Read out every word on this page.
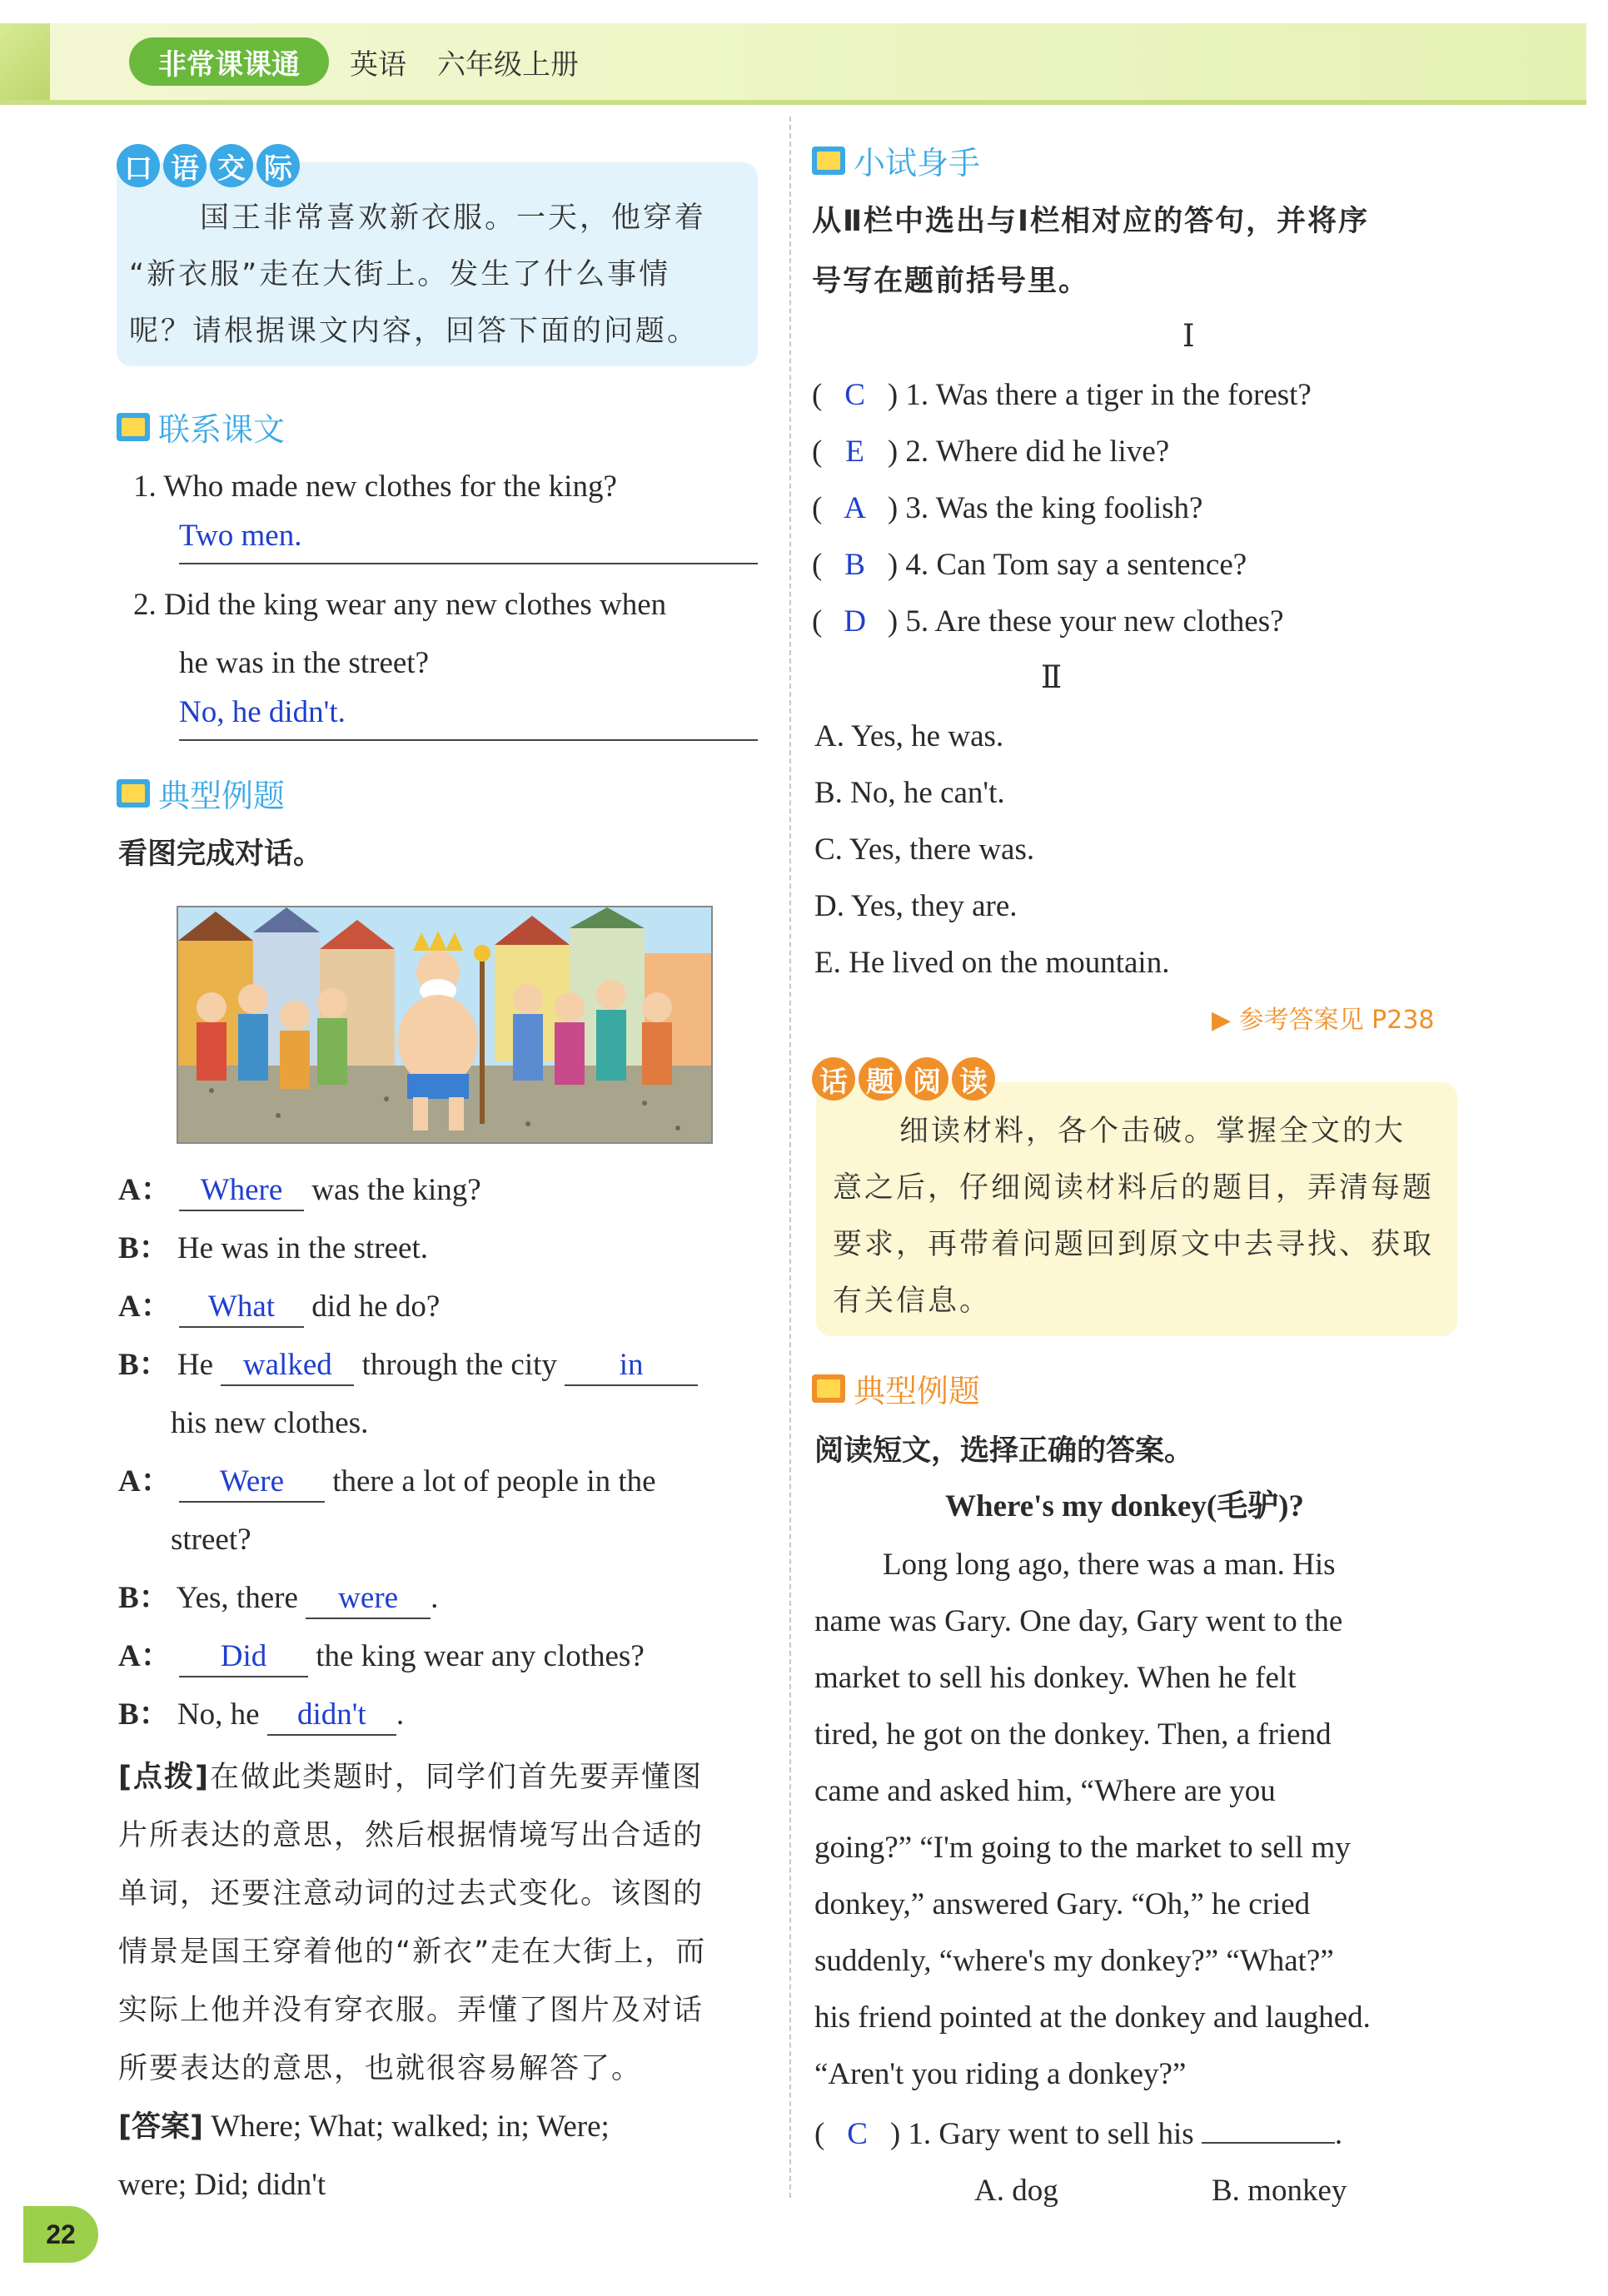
非常课课通	英语 六年级上册
口 语 交 际
国王非常喜欢新衣服。一天，他穿着
“新衣服”走在大街上。发生了什么事情
呢？请根据课文内容，回答下面的问题。
联系课文
1. Who made new clothes for the king?
Two men.
2. Did the king wear any new clothes when
he was in the street?
No, he didn't.
典型例题
看图完成对话。
A： Where was the king?
B： He was in the street.
A： What did he do?
B： He walked through the city in
his new clothes.
A： Were there a lot of people in the
street?
B： Yes, there were .
A： Did the king wear any clothes?
B： No, he didn't .
[点拨]在做此类题时，同学们首先要弄懂图
片所表达的意思，然后根据情境写出合适的
单词，还要注意动词的过去式变化。该图的
情景是国王穿着他的“新衣”走在大街上，而
实际上他并没有穿衣服。弄懂了图片及对话
所要表达的意思，也就很容易解答了。
[答案] Where; What; walked; in; Were;
were; Did; didn't
小试身手
从Ⅱ栏中选出与Ⅰ栏相对应的答句，并将序
号写在题前括号里。
Ⅰ
( C ) 1. Was there a tiger in the forest?
( E ) 2. Where did he live?
( A ) 3. Was the king foolish?
( B ) 4. Can Tom say a sentence?
( D ) 5. Are these your new clothes?
Ⅱ
A. Yes, he was.
B. No, he can't.
C. Yes, there was.
D. Yes, they are.
E. He lived on the mountain.
▶ 参考答案见 P238
话 题 阅 读
细读材料，各个击破。掌握全文的大
意之后，仔细阅读材料后的题目，弄清每题
要求，再带着问题回到原文中去寻找、获取
有关信息。
典型例题
阅读短文，选择正确的答案。
Where's my donkey(毛驴)?
Long long ago, there was a man. His
name was Gary. One day, Gary went to the
market to sell his donkey. When he felt
tired, he got on the donkey. Then, a friend
came and asked him, “Where are you
going?” “I'm going to the market to sell my
donkey,” answered Gary. “Oh,” he cried
suddenly, “where's my donkey?” “What?”
his friend pointed at the donkey and laughed.
“Aren't you riding a donkey?”
( C ) 1. Gary went to sell his	.
A. dog	B. monkey
22
